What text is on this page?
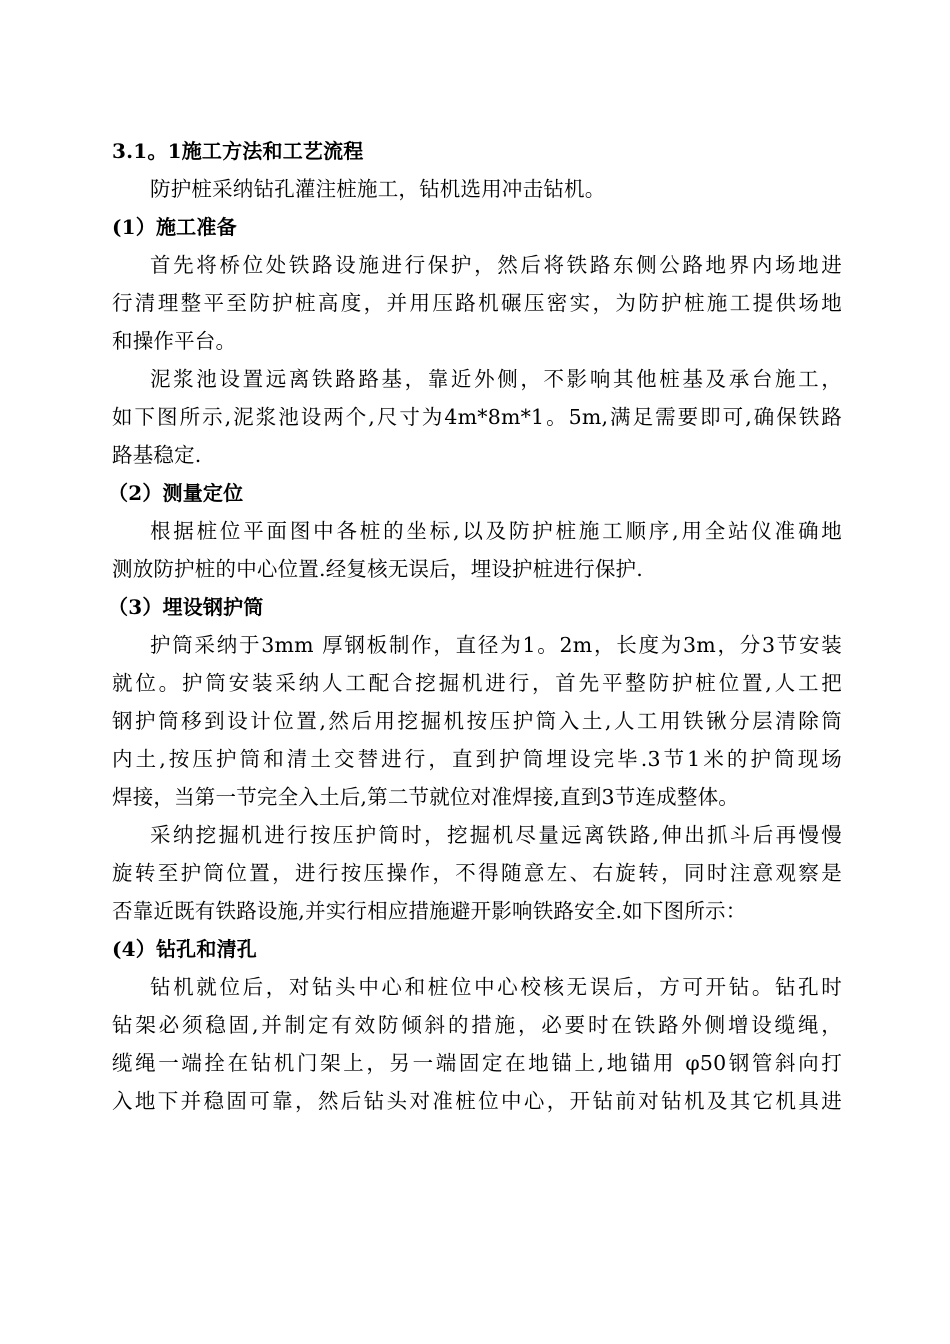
3.1。1施工方法和工艺流程
防护桩采纳钻孔灌注桩施工，钻机选用冲击钻机。
(1）施工准备
首先将桥位处铁路设施进行保护，然后将铁路东侧公路地界内场地进
行清理整平至防护桩高度，并用压路机碾压密实，为防护桩施工提供场地
和操作平台。
泥浆池设置远离铁路路基，靠近外侧，不影响其他桩基及承台施工，
如下图所示,泥浆池设两个,尺寸为4m*8m*1。5m,满足需要即可,确保铁路
路基稳定.
（2）测量定位
根据桩位平面图中各桩的坐标,以及防护桩施工顺序,用全站仪准确地
测放防护桩的中心位置.经复核无误后，埋设护桩进行保护.
（3）埋设钢护筒
护筒采纳于3mm 厚钢板制作，直径为1。2m，长度为3m，分3节安装
就位。护筒安装采纳人工配合挖掘机进行，首先平整防护桩位置,人工把
钢护筒移到设计位置,然后用挖掘机按压护筒入土,人工用铁锹分层清除筒
内土,按压护筒和清土交替进行，直到护筒埋设完毕.3节1米的护筒现场
焊接，当第一节完全入土后,第二节就位对准焊接,直到3节连成整体。
采纳挖掘机进行按压护筒时，挖掘机尽量远离铁路,伸出抓斗后再慢慢
旋转至护筒位置，进行按压操作，不得随意左、右旋转，同时注意观察是
否靠近既有铁路设施,并实行相应措施避开影响铁路安全.如下图所示：
(4）钻孔和清孔
钻机就位后，对钻头中心和桩位中心校核无误后，方可开钻。钻孔时
钻架必须稳固,并制定有效防倾斜的措施，必要时在铁路外侧增设缆绳，
缆绳一端拴在钻机门架上，另一端固定在地锚上,地锚用 φ50钢管斜向打
入地下并稳固可靠，然后钻头对准桩位中心，开钻前对钻机及其它机具进
